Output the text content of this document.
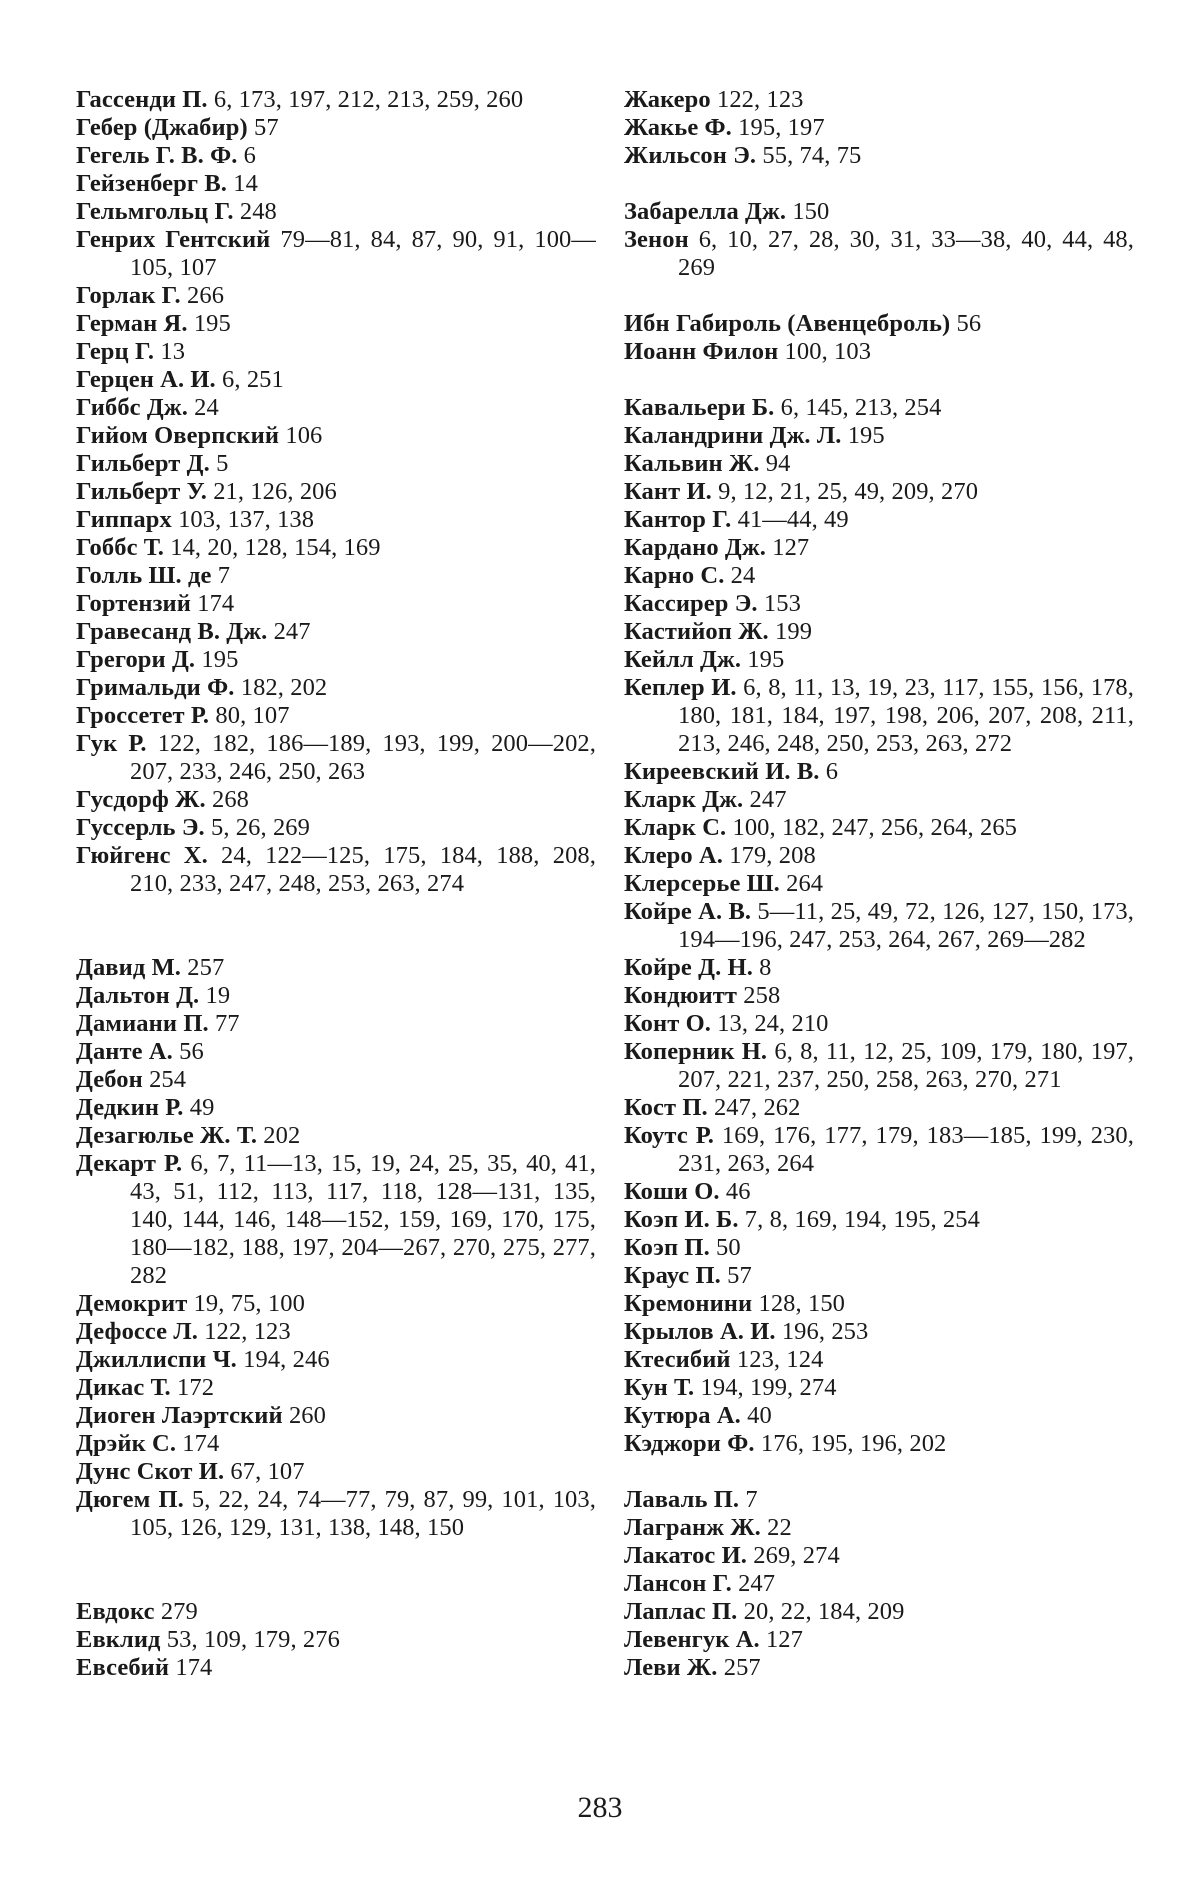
Гассенди П. 6, 173, 197, 212, 213, 259, 260
Гебер (Джабир) 57
Гегель Г. В. Ф. 6
Гейзенберг В. 14
Гельмгольц Г. 248
Генрих Гентский 79—81, 84, 87, 90, 91, 100—105, 107
Горлак Г. 266
Герман Я. 195
Герц Г. 13
Герцен А. И. 6, 251
Гиббс Дж. 24
Гийом Оверпский 106
Гильберт Д. 5
Гильберт У. 21, 126, 206
Гиппарх 103, 137, 138
Гоббс Т. 14, 20, 128, 154, 169
Голль Ш. де 7
Гортензий 174
Гравесанд В. Дж. 247
Грегори Д. 195
Гримальди Ф. 182, 202
Гроссетет Р. 80, 107
Гук Р. 122, 182, 186—189, 193, 199, 200—202, 207, 233, 246, 250, 263
Гусдорф Ж. 268
Гуссерль Э. 5, 26, 269
Гюйгенс Х. 24, 122—125, 175, 184, 188, 208, 210, 233, 247, 248, 253, 263, 274
Давид М. 257
Дальтон Д. 19
Дамиани П. 77
Данте А. 56
Дебон 254
Дедкин Р. 49
Дезагюлье Ж. Т. 202
Декарт Р. 6, 7, 11—13, 15, 19, 24, 25, 35, 40, 41, 43, 51, 112, 113, 117, 118, 128—131, 135, 140, 144, 146, 148—152, 159, 169, 170, 175, 180—182, 188, 197, 204—267, 270, 275, 277, 282
Демокрит 19, 75, 100
Дефоссе Л. 122, 123
Джиллиспи Ч. 194, 246
Дикас Т. 172
Диоген Лаэртский 260
Дрэйк С. 174
Дунс Скот И. 67, 107
Дюгем П. 5, 22, 24, 74—77, 79, 87, 99, 101, 103, 105, 126, 129, 131, 138, 148, 150
Евдокс 279
Евклид 53, 109, 179, 276
Евсебий 174
Жакеро 122, 123
Жакье Ф. 195, 197
Жильсон Э. 55, 74, 75
Забарелла Дж. 150
Зенон 6, 10, 27, 28, 30, 31, 33—38, 40, 44, 48, 269
Ибн Габироль (Авенцеброль) 56
Иоанн Филон 100, 103
Кавальери Б. 6, 145, 213, 254
Каландрини Дж. Л. 195
Кальвин Ж. 94
Кант И. 9, 12, 21, 25, 49, 209, 270
Кантор Г. 41—44, 49
Кардано Дж. 127
Карно С. 24
Кассирер Э. 153
Кастийоп Ж. 199
Кейлл Дж. 195
Кеплер И. 6, 8, 11, 13, 19, 23, 117, 155, 156, 178, 180, 181, 184, 197, 198, 206, 207, 208, 211, 213, 246, 248, 250, 253, 263, 272
Киреевский И. В. 6
Кларк Дж. 247
Кларк С. 100, 182, 247, 256, 264, 265
Клеро А. 179, 208
Клерсерье Ш. 264
Койре А. В. 5—11, 25, 49, 72, 126, 127, 150, 173, 194—196, 247, 253, 264, 267, 269—282
Койре Д. Н. 8
Кондюитт 258
Конт О. 13, 24, 210
Коперник Н. 6, 8, 11, 12, 25, 109, 179, 180, 197, 207, 221, 237, 250, 258, 263, 270, 271
Кост П. 247, 262
Коутс Р. 169, 176, 177, 179, 183—185, 199, 230, 231, 263, 264
Коши О. 46
Коэп И. Б. 7, 8, 169, 194, 195, 254
Коэп П. 50
Краус П. 57
Кремонини 128, 150
Крылов А. И. 196, 253
Ктесибий 123, 124
Кун Т. 194, 199, 274
Кутюра А. 40
Кэджори Ф. 176, 195, 196, 202
Лаваль П. 7
Лагранж Ж. 22
Лакатос И. 269, 274
Лансон Г. 247
Лаплас П. 20, 22, 184, 209
Левенгук А. 127
Леви Ж. 257
283
